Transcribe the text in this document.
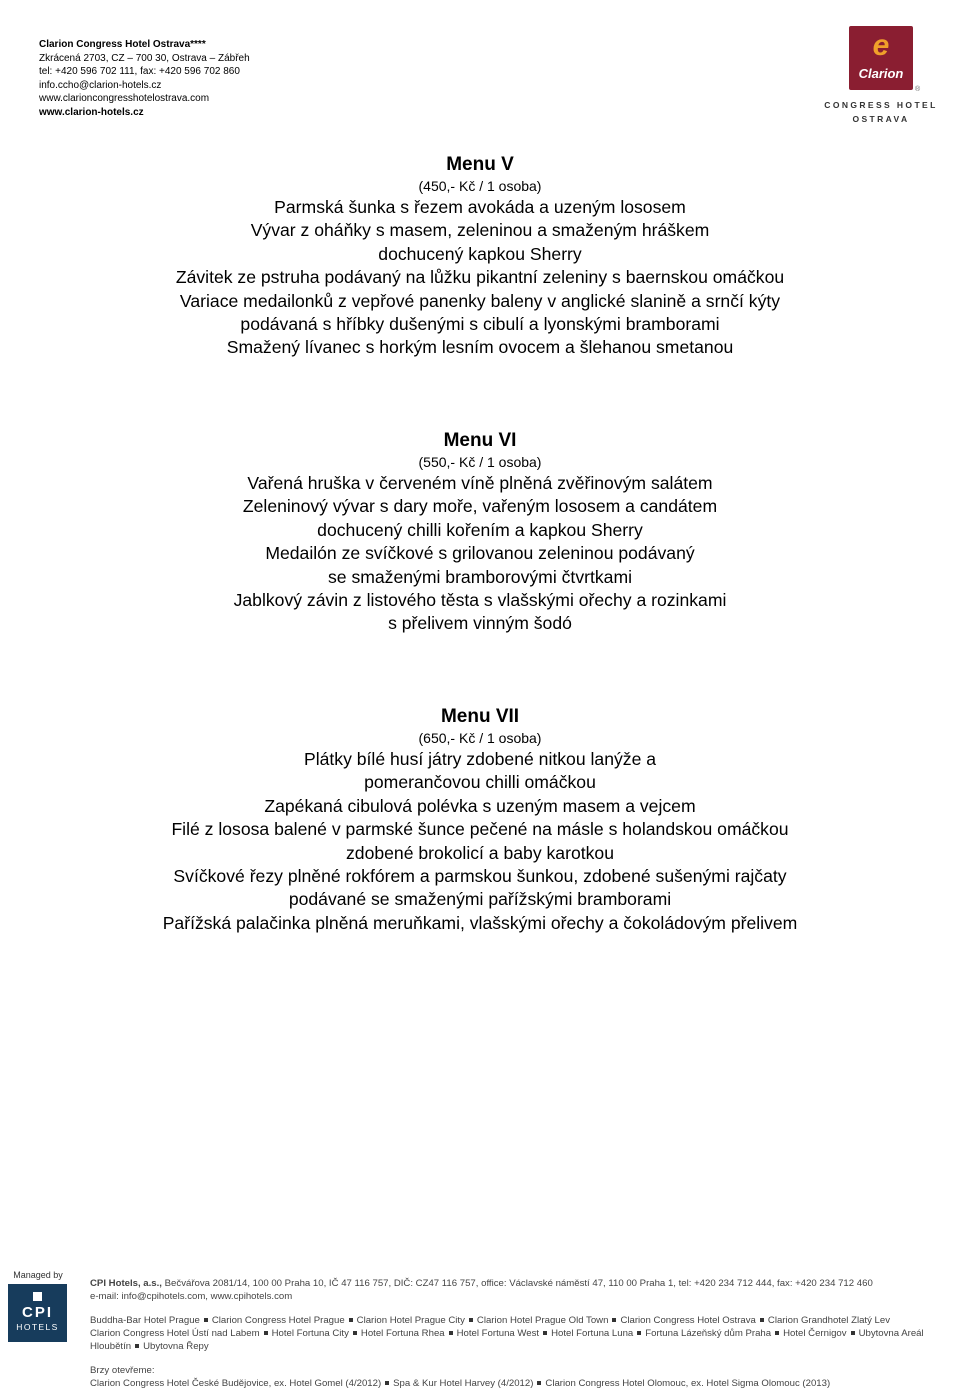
Clarion Congress Hotel Ostrava****
Zkrácená 2703, CZ – 700 30, Ostrava – Zábřeh
tel: +420 596 702 111, fax: +420 596 702 860
info.ccho@clarion-hotels.cz
www.clarioncongresshotelostrava.com
www.clarion-hotels.cz
e
Clarion
®
CONGRESS HOTEL
OSTRAVA
Menu V
(450,- Kč / 1 osoba)
Parmská šunka s řezem avokáda a uzeným lososem
Vývar z oháňky s masem, zeleninou a smaženým hráškem
dochucený kapkou Sherry
Závitek ze pstruha podávaný na lůžku pikantní zeleniny s baernskou omáčkou
Variace medailonků z vepřové panenky baleny v anglické slanině a srnčí kýty
podávaná s hříbky dušenými s cibulí a lyonskými bramborami
Smažený lívanec s horkým lesním ovocem a šlehanou smetanou
Menu VI
(550,- Kč / 1 osoba)
Vařená hruška v červeném víně plněná zvěřinovým salátem
Zeleninový vývar s dary moře, vařeným lososem a candátem
dochucený chilli kořením a kapkou Sherry
Medailón ze svíčkové s grilovanou zeleninou podávaný
se smaženými bramborovými čtvrtkami
Jablkový závin z listového těsta s vlašskými ořechy a rozinkami
s přelivem vinným šodó
Menu VII
(650,- Kč / 1 osoba)
Plátky bílé husí játry zdobené nitkou lanýže a
pomerančovou chilli omáčkou
Zapékaná cibulová polévka s uzeným masem a vejcem
Filé z lososa balené v parmské šunce pečené na másle s holandskou omáčkou
zdobené brokolicí a baby karotkou
Svíčkové řezy plněné rokfórem a parmskou šunkou, zdobené sušenými rajčaty
podávané se smaženými pařížskými bramborami
Pařížská palačinka plněná meruňkami, vlašskými ořechy a čokoládovým přelivem
Managed by
CPI
HOTELS
CPI Hotels, a.s., Bečvářova 2081/14, 100 00 Praha 10, IČ 47 116 757, DIČ: CZ47 116 757, office: Václavské náměstí 47, 110 00 Praha 1, tel: +420 234 712 444, fax: +420 234 712 460
e-mail: info@cpihotels.com, www.cpihotels.com
Buddha-Bar Hotel Prague Clarion Congress Hotel Prague Clarion Hotel Prague City Clarion Hotel Prague Old Town Clarion Congress Hotel Ostrava Clarion Grandhotel Zlatý Lev
Clarion Congress Hotel Ústí nad Labem Hotel Fortuna City Hotel Fortuna Rhea Hotel Fortuna West Hotel Fortuna Luna Fortuna Lázeňský dům Praha Hotel Černigov Ubytovna Areál Hloubětín Ubytovna Řepy
Brzy otevřeme:
Clarion Congress Hotel České Budějovice, ex. Hotel Gomel (4/2012) Spa & Kur Hotel Harvey (4/2012) Clarion Congress Hotel Olomouc, ex. Hotel Sigma Olomouc (2013)
